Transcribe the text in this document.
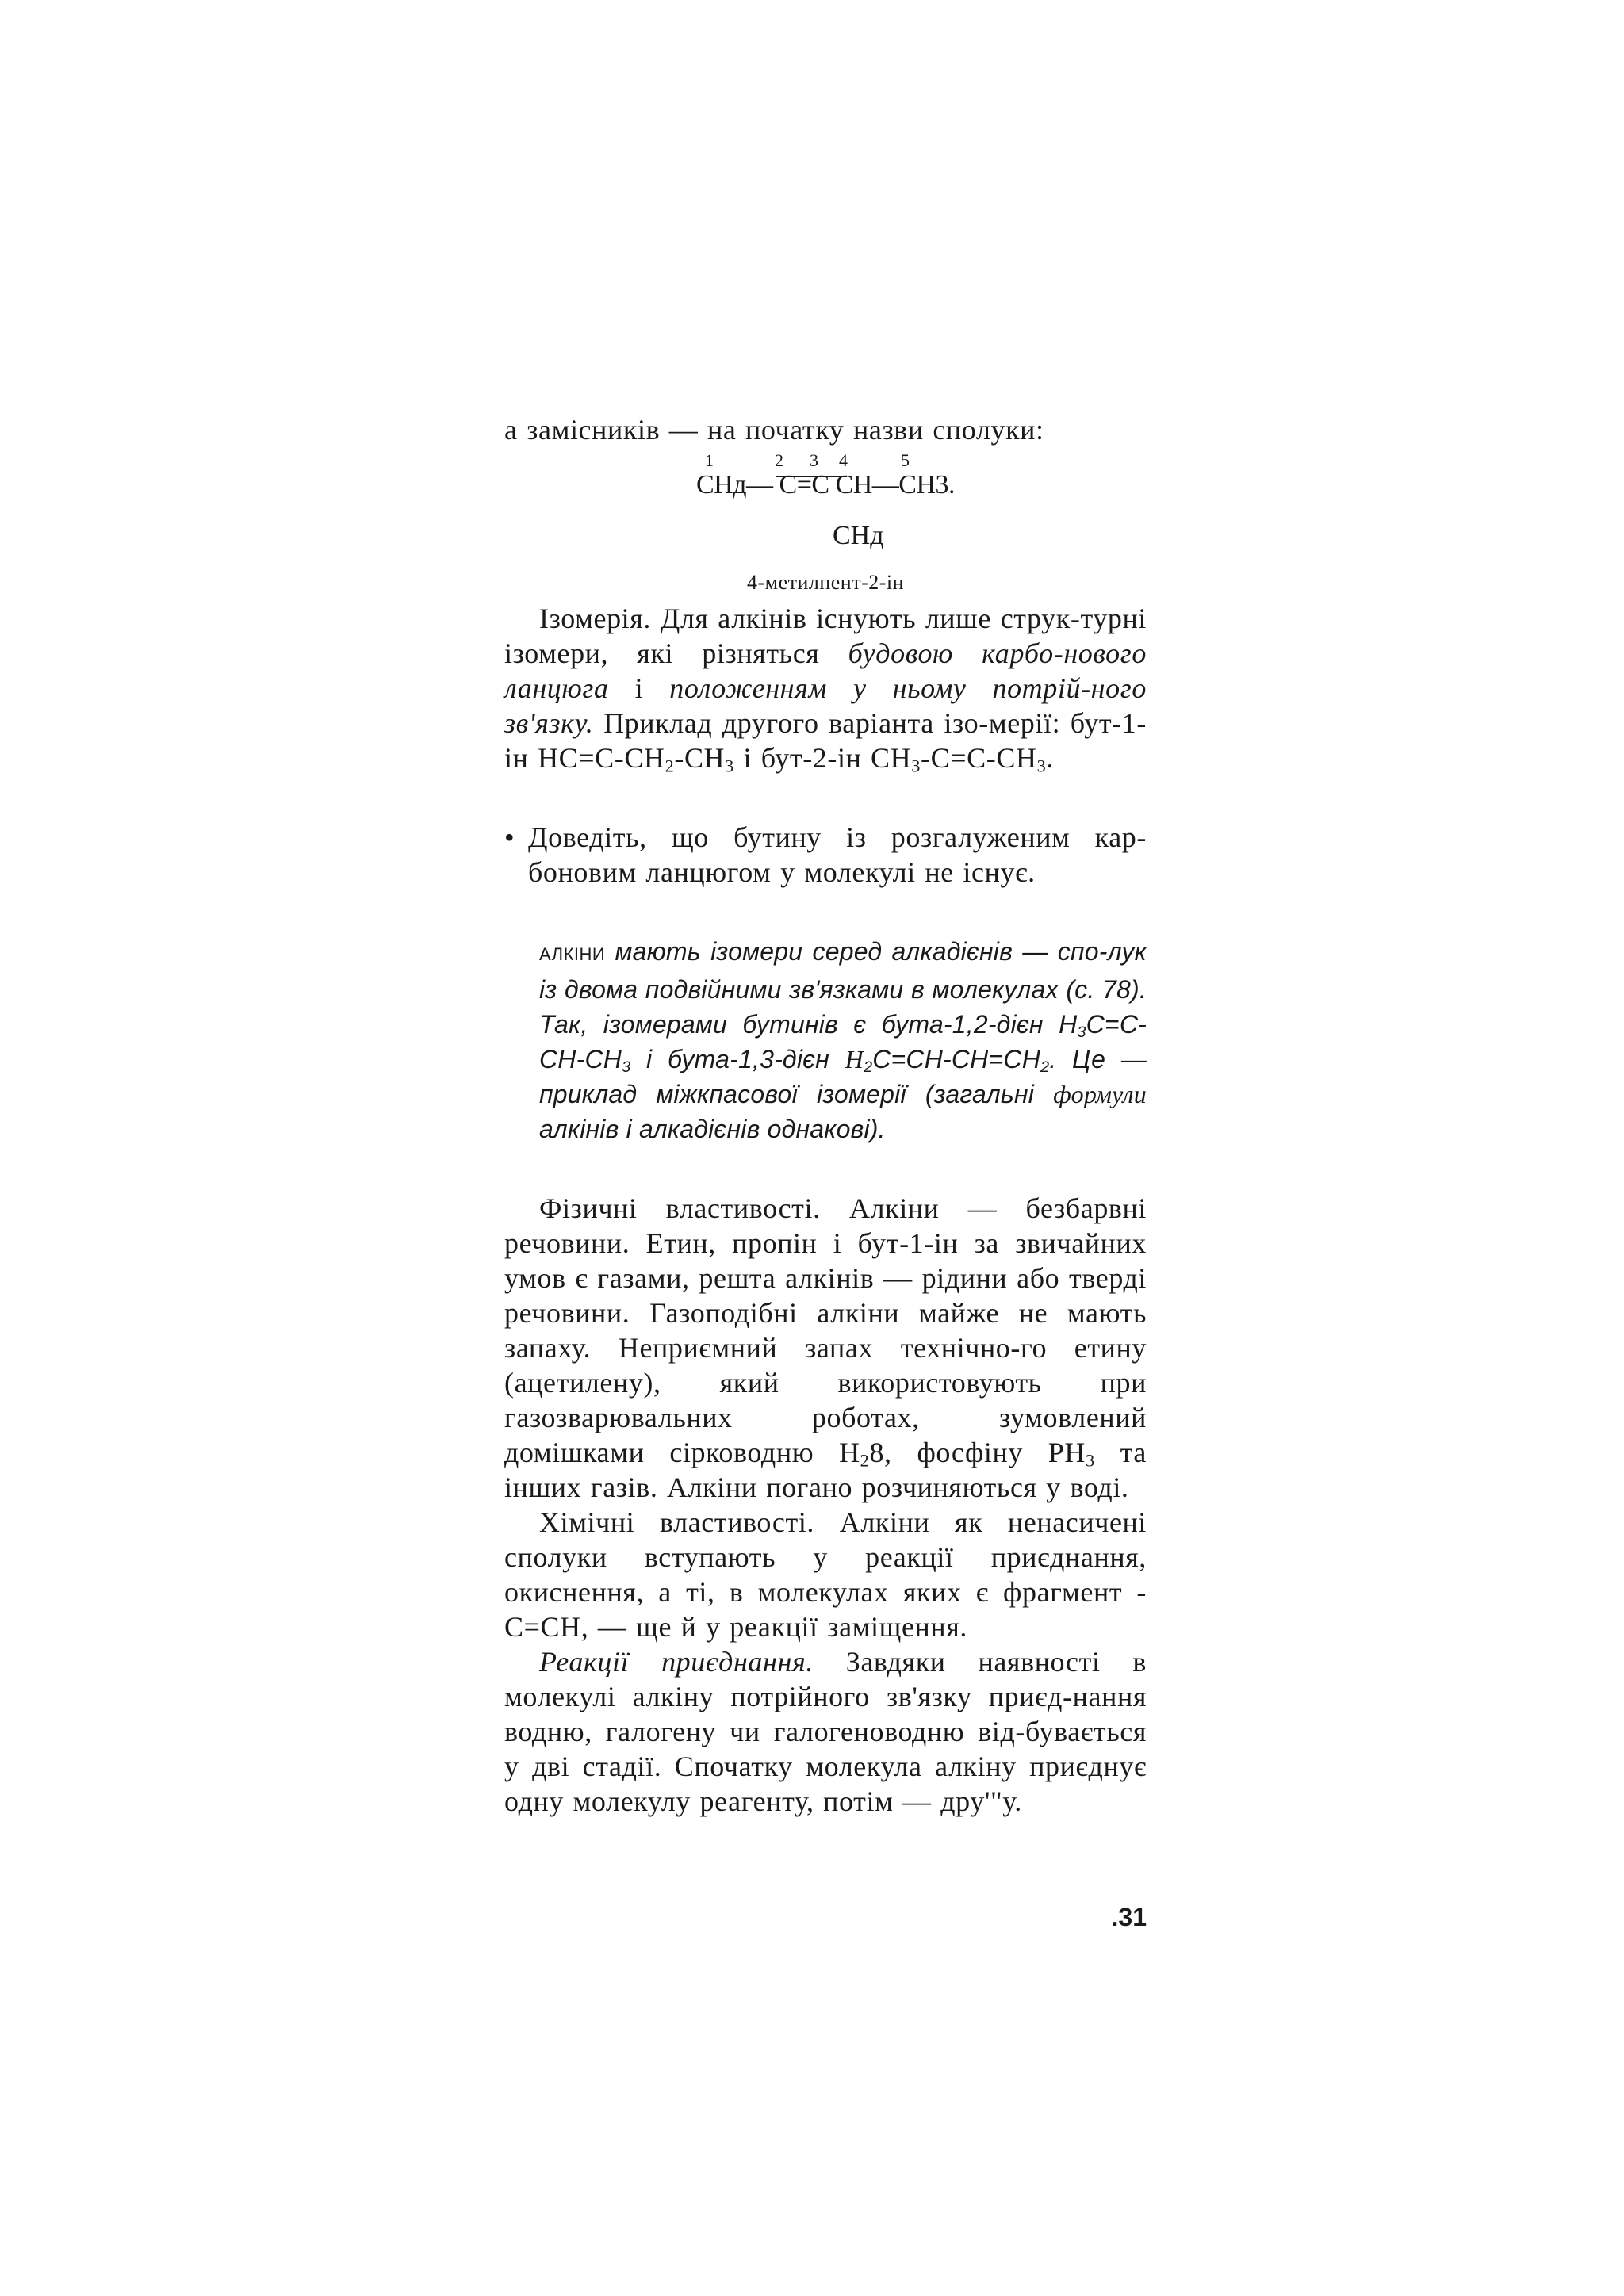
а замісників — на початку назви сполуки:

1	2 3 4	5
CHд— C=C CH—CH3.
CHд

4-метилпент-2-ін

Ізомерія. Для алкінів існують лише струк-турні ізомери, які різняться будовою карбо-нового ланцюга і положенням у ньому потрій-ного зв'язку. Приклад другого варіанта ізо-мерії: бут-1-ін $HC=C-CH_2-CH_3$ і бут-2-ін $CH_3-C=C-CH_3$.

• Доведіть, що бутину із розгалуженим кар-боновим ланцюгом у молекулі не існує.

АЛКІНИ мають ізомери серед алкадієнів — спо-лук із двома подвійними зв'язками в молекулах (с. 78). Так, ізомерами бутинів є бута-1,2-дієн $H_3C=C-CH-CH_3$ і бута-1,3-дієн $H_2C=CH-CH=CH_2$. Це — приклад міжкпасової ізомерії (загальні формули алкінів і алкадієнів однакові).

Фізичні властивості. Алкіни — безбарвні речовини. Етин, пропін і бут-1-ін за звичайних умов є газами, решта алкінів — рідини або тверді речовини. Газоподібні алкіни майже не мають запаху. Неприємний запах технічно-го етину (ацетилену), який використовують при газозварювальних роботах, зумовлений домішками сірководню $H_28$, фосфіну $PH_3$ та інших газів. Алкіни погано розчиняються у воді.

Хімічні властивості. Алкіни як ненасичені сполуки вступають у реакції приєднання, окиснення, а ті, в молекулах яких є фрагмент -C=CH, — ще й у реакції заміщення.

Реакції приєднання. Завдяки наявності в молекулі алкіну потрійного зв'язку приєд-нання водню, галогену чи галогеноводню від-бувається у дві стадії. Спочатку молекула алкіну приєднує одну молекулу реагенту, потім — дру'"у.

.31
